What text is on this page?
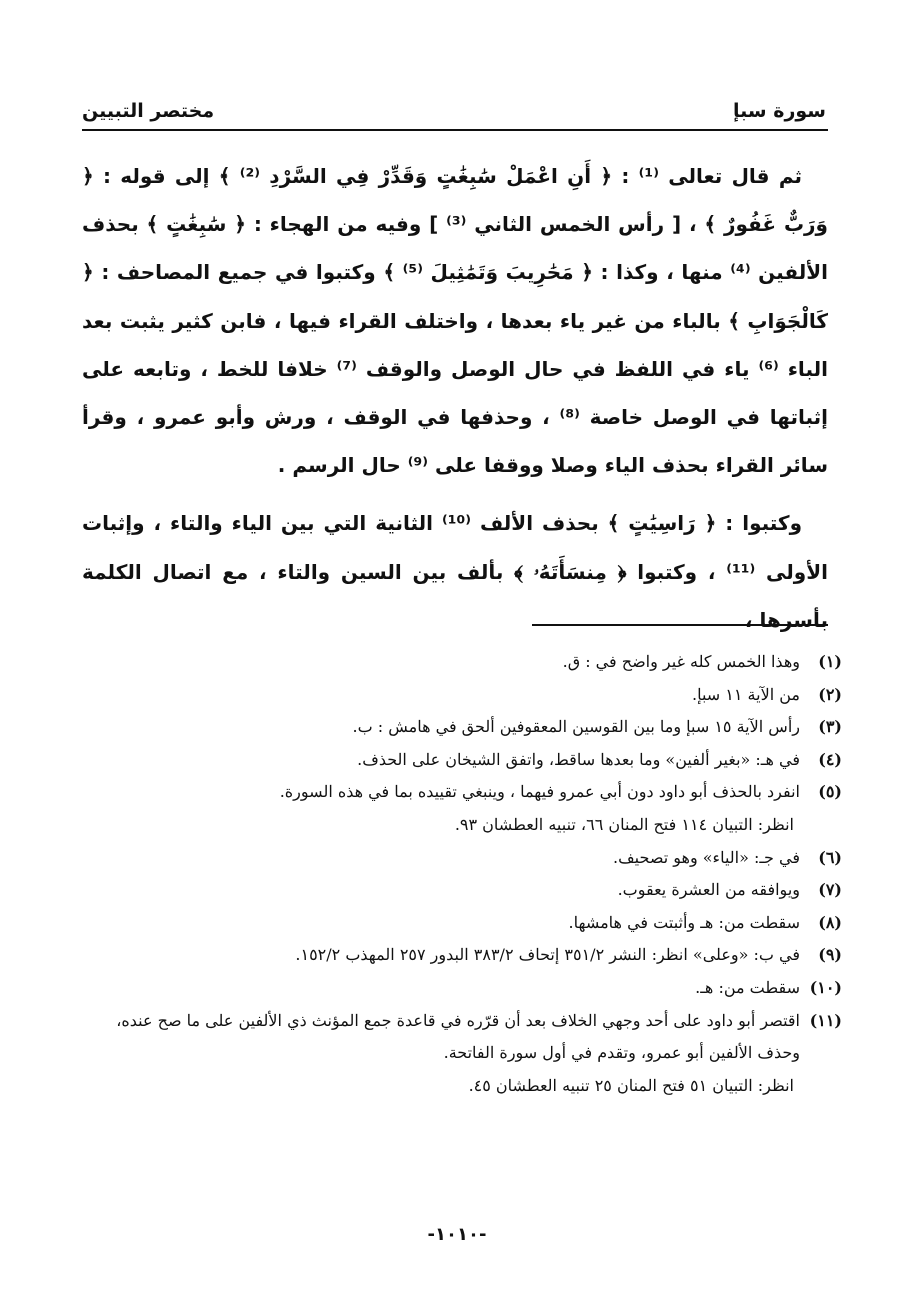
سورة سبإ
مختصر التبيين

ثم قال تعالى ⁽¹⁾ : ﴿ أَنِ اعْمَلْ سَٰبِغَٰتٍ وَقَدِّرْ فِي السَّرْدِ ⁽²⁾ ﴾ إلى قوله : ﴿ وَرَبٌّ غَفُورٌ ﴾ ، [ رأس الخمس الثاني ⁽³⁾ ] وفيه من الهجاء : ﴿ سَٰبِغَٰتٍ ﴾ بحذف الألفين ⁽⁴⁾ منها ، وكذا : ﴿ مَحَٰرِيبَ وَتَمَٰثِيلَ ⁽⁵⁾ ﴾ وكتبوا في جميع المصاحف : ﴿ كَالْجَوَابِ ﴾ بالباء من غير ياء بعدها ، واختلف القراء فيها ، فابن كثير يثبت بعد الباء ⁽⁶⁾ ياء في اللفظ في حال الوصل والوقف ⁽⁷⁾ خلافا للخط ، وتابعه على إثباتها في الوصل خاصة ⁽⁸⁾ ، وحذفها في الوقف ، ورش وأبو عمرو ، وقرأ سائر القراء بحذف الياء وصلا ووقفا على ⁽⁹⁾ حال الرسم .

وكتبوا : ﴿ رَاسِيَٰتٍ ﴾ بحذف الألف ⁽¹⁰⁾ الثانية التي بين الياء والتاء ، وإثبات الأولى ⁽¹¹⁾ ، وكتبوا ﴿ مِنسَأَتَهُۥ ﴾ بألف بين السين والتاء ، مع اتصال الكلمة بأسرها ،

(١)
وهذا الخمس كله غير واضح في : ق.
(٢)
من الآية ١١ سبإ.
(٣)
رأس الآية ١٥ سبإ وما بين القوسين المعقوفين ألحق في هامش : ب.
(٤)
في هـ: «بغير ألفين» وما بعدها ساقط، واتفق الشيخان على الحذف.
(٥)
انفرد بالحذف أبو داود دون أبي عمرو فيهما ، وينبغي تقييده بما في هذه السورة.
انظر: التبيان ١١٤ فتح المنان ٦٦، تنبيه العطشان ٩٣.
(٦)
في جـ: «الياء» وهو تصحيف.
(٧)
ويوافقه من العشرة يعقوب.
(٨)
سقطت من: هـ وأثبتت في هامشها.
(٩)
في ب: «وعلى» انظر: النشر ٣٥١/٢ إتحاف ٣٨٣/٢ البدور ٢٥٧ المهذب ١٥٢/٢.
(١٠)
سقطت من: هـ.
(١١)
اقتصر أبو داود على أحد وجهي الخلاف بعد أن قرّره في قاعدة جمع المؤنث ذي الألفين على ما صح عنده، وحذف الألفين أبو عمرو، وتقدم في أول سورة الفاتحة.
انظر: التبيان ٥١ فتح المنان ٢٥ تنبيه العطشان ٤٥.
-١٠١٠-
